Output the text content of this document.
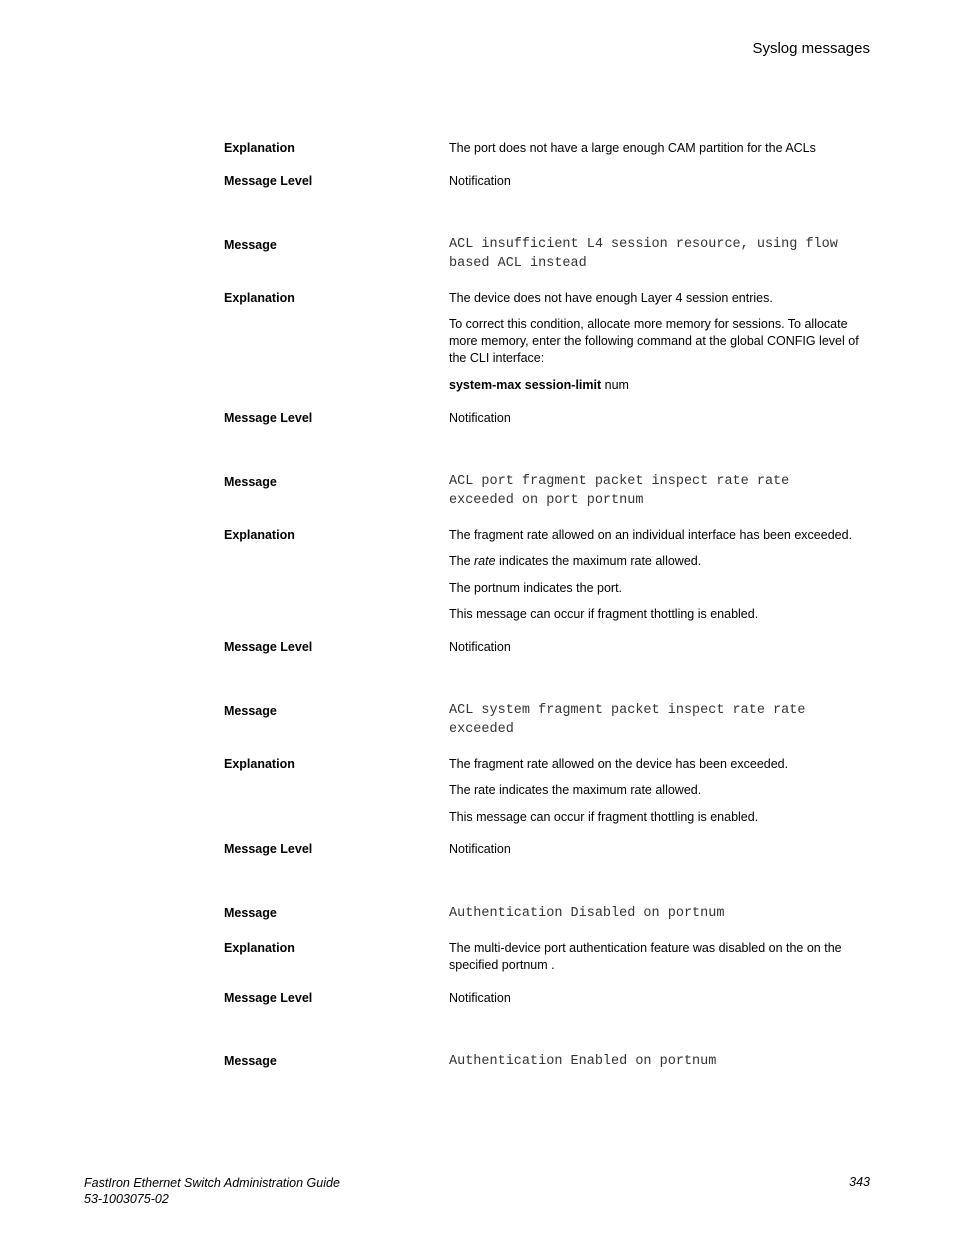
Syslog messages
Explanation	The port does not have a large enough CAM partition for the ACLs
Message Level	Notification
Message	ACL insufficient L4 session resource, using flow
based ACL instead
Explanation	The device does not have enough Layer 4 session entries.
To correct this condition, allocate more memory for sessions. To allocate more memory, enter the following command at the global CONFIG level of the CLI interface:
system-max session-limit num
Message Level	Notification
Message	ACL port fragment packet inspect rate rate
exceeded on port portnum
Explanation	The fragment rate allowed on an individual interface has been exceeded.
The rate indicates the maximum rate allowed.
The portnum indicates the port.
This message can occur if fragment thottling is enabled.
Message Level	Notification
Message	ACL system fragment packet inspect rate rate
exceeded
Explanation	The fragment rate allowed on the device has been exceeded.
The rate indicates the maximum rate allowed.
This message can occur if fragment thottling is enabled.
Message Level	Notification
Message	Authentication Disabled on portnum
Explanation	The multi-device port authentication feature was disabled on the on the specified portnum .
Message Level	Notification
Message	Authentication Enabled on portnum
FastIron Ethernet Switch Administration Guide
53-1003075-02
343
